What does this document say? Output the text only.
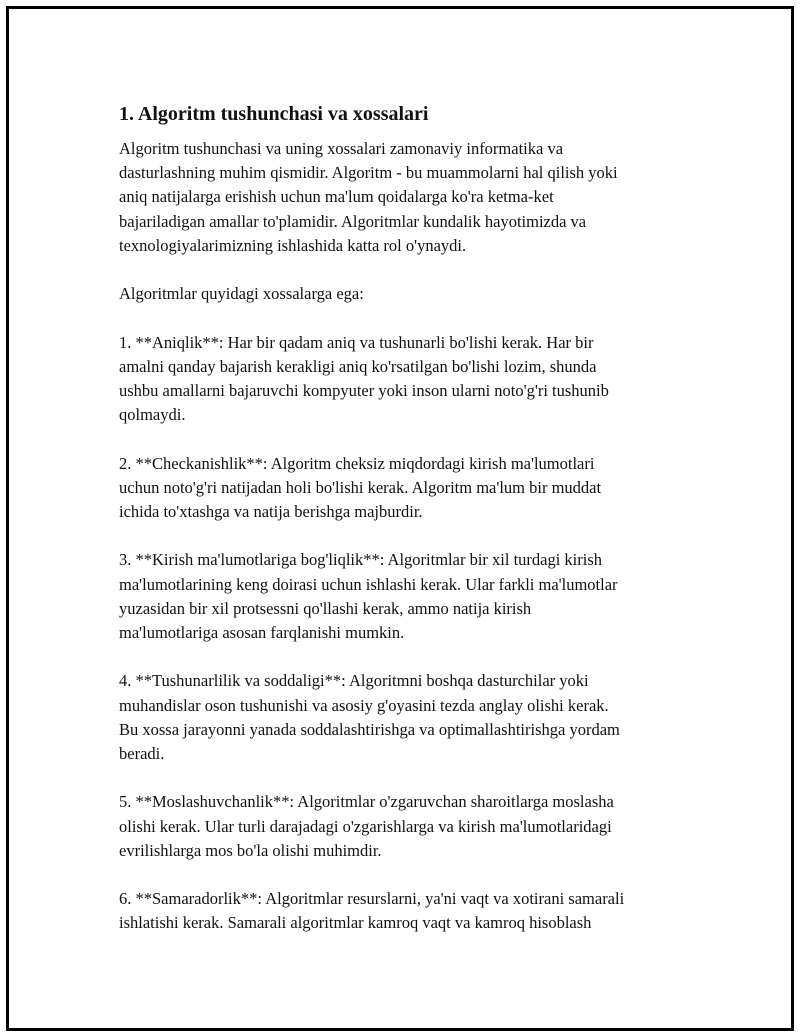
1. Algoritm tushunchasi va xossalari

Algoritm tushunchasi va uning xossalari zamonaviy informatika va
dasturlashning muhim qismidir. Algoritm - bu muammolarni hal qilish yoki
aniq natijalarga erishish uchun ma'lum qoidalarga ko'ra ketma-ket
bajariladigan amallar to'plamidir. Algoritmlar kundalik hayotimizda va
texnologiyalarimizning ishlashida katta rol o'ynaydi.

Algoritmlar quyidagi xossalarga ega:

1. **Aniqlik**: Har bir qadam aniq va tushunarli bo'lishi kerak. Har bir
amalni qanday bajarish kerakligi aniq ko'rsatilgan bo'lishi lozim, shunda
ushbu amallarni bajaruvchi kompyuter yoki inson ularni noto'g'ri tushunib
qolmaydi.

2. **Checkanishlik**: Algoritm cheksiz miqdordagi kirish ma'lumotlari
uchun noto'g'ri natijadan holi bo'lishi kerak. Algoritm ma'lum bir muddat
ichida to'xtashga va natija berishga majburdir.

3. **Kirish ma'lumotlariga bog'liqlik**: Algoritmlar bir xil turdagi kirish
ma'lumotlarining keng doirasi uchun ishlashi kerak. Ular farkli ma'lumotlar
yuzasidan bir xil protsessni qo'llashi kerak, ammo natija kirish
ma'lumotlariga asosan farqlanishi mumkin.

4. **Tushunarlilik va soddaligi**: Algoritmni boshqa dasturchilar yoki
muhandislar oson tushunishi va asosiy g'oyasini tezda anglay olishi kerak.
Bu xossa jarayonni yanada soddalashtirishga va optimallashtirishga yordam
beradi.

5. **Moslashuvchanlik**: Algoritmlar o'zgaruvchan sharoitlarga moslasha
olishi kerak. Ular turli darajadagi o'zgarishlarga va kirish ma'lumotlaridagi
evrilishlarga mos bo'la olishi muhimdir.

6. **Samaradorlik**: Algoritmlar resurslarni, ya'ni vaqt va xotirani samarali
ishlatishi kerak. Samarali algoritmlar kamroq vaqt va kamroq hisoblash
